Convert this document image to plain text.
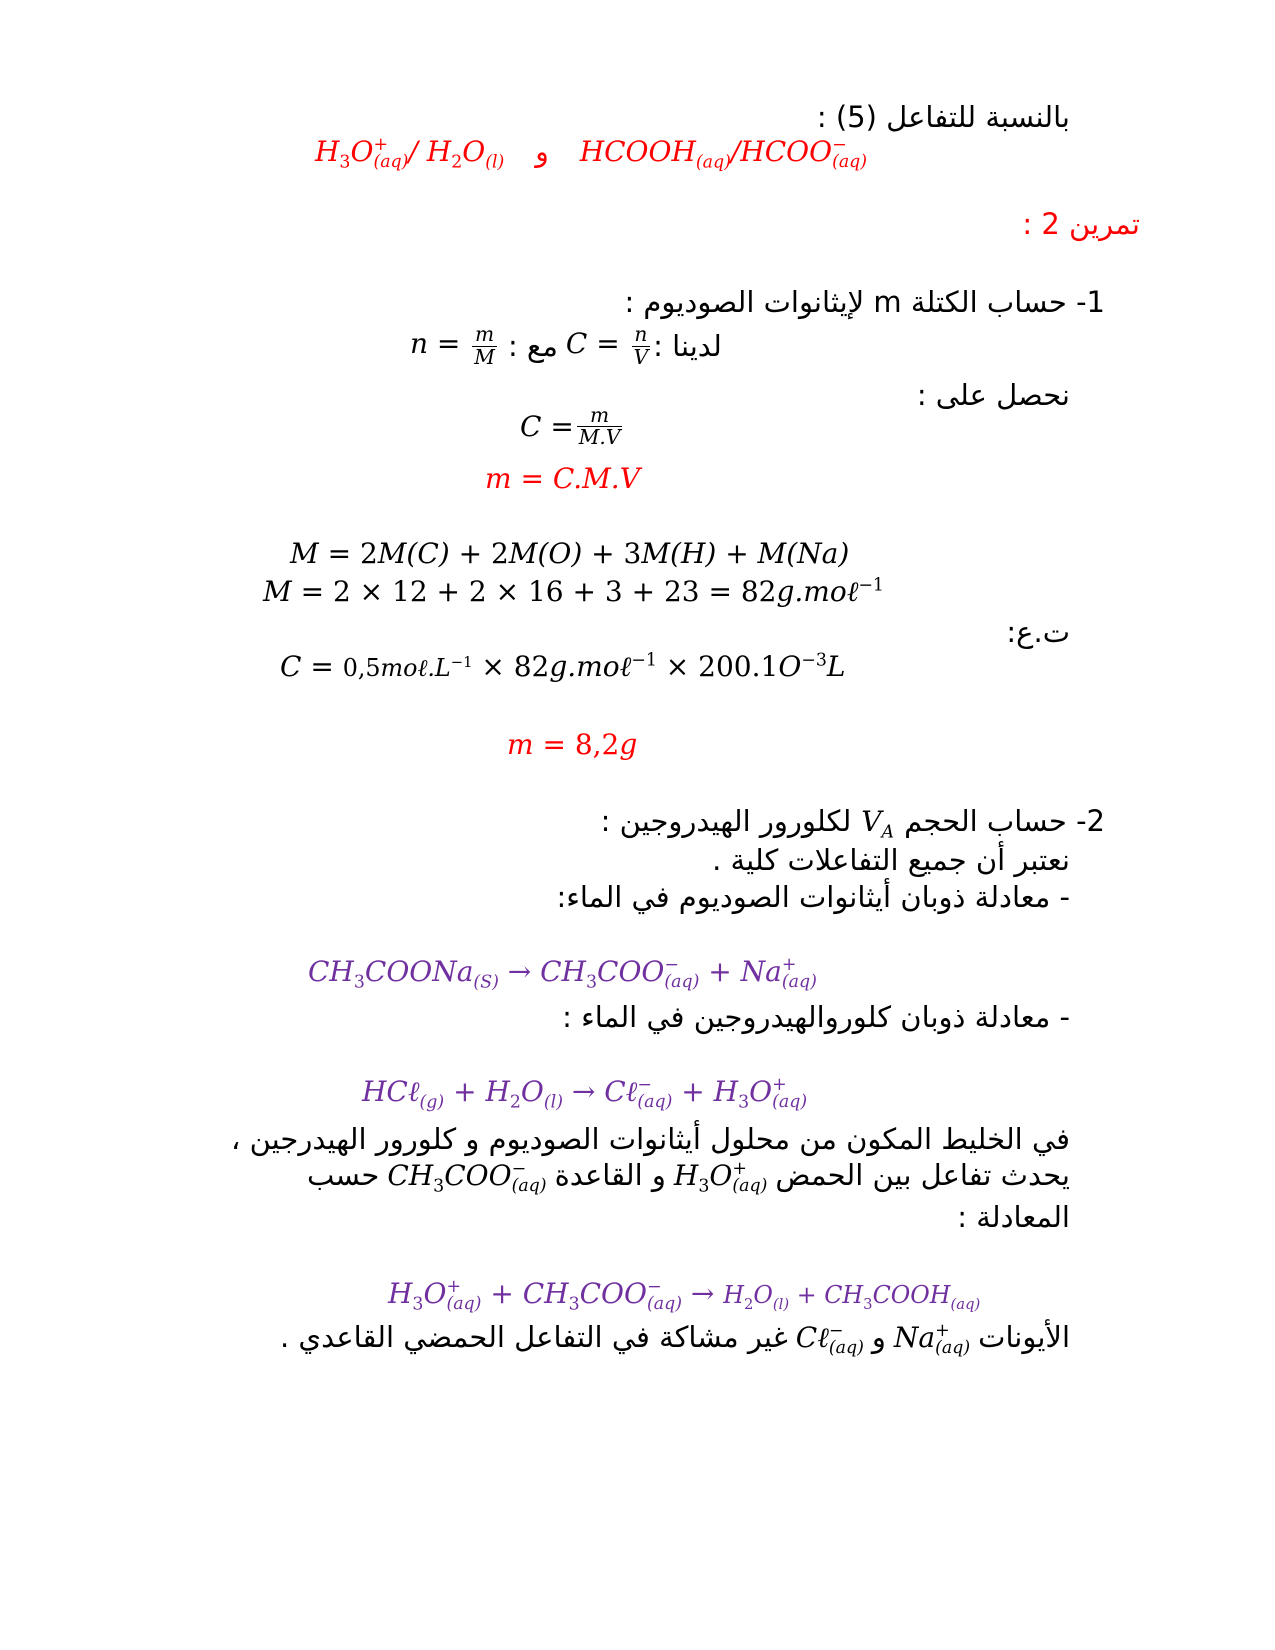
بالنسبة للتفاعل (5) :
$H_3O$ +
$(aq) / H_2O_{(l)}$ و $HCOOH_{(aq)}$/HCOO −
(aq)
تمرين 2 :
1- حساب الكتلة m لإيثانوات الصوديوم :
$n = \frac{m}{M}$ مع : $C = \frac{n}{V}$ لدينا :
نحصل على :
$C = \frac{m}{M.V}$
m = C.M.V
M = 2M(C) + 2M(O) + 3M(H) + M(Na)
M = 2 × 12 + 2 × 16 + 3 + 23 = 82g.moℓ$^{-1}$
ت.ع:
$C = 0,5mo\ell.L^{-1}$ × 82g.moℓ$^{-1}$ × $200.1O^{-3}L$
m = 8,2g
2- حساب الحجم
$V_A$
لكلورور الهيدروجين :
نعتبر أن جميع التفاعلات كلية .
- معادلة ذوبان أيثانوات الصوديوم في الماء:
$CH_3COONa_{(S)} \to CH_3COO$ −
(aq) + Na +
(aq)
- معادلة ذوبان كلوروالهيدروجين في الماء :
HCℓ$_{(g)}$ + $H_2O_{(l)}$ → Cℓ −
$(aq) + H_3O$ +
(aq)
في الخليط المكون من محلول أيثانوات الصوديوم و كلورور الهيدرجين ،
يحدث تفاعل بين الحمض
$H_3O$ +
(aq)
و القاعدة
$CH_3COO$ −
(aq)
حسب
المعادلة :
$H_3O$ +
$(aq) + CH_3COO$ −
$(aq) \to H_2O_{(l)}$ + $CH_3COOH_{(aq)}$
الأيونات
Na +
(aq)
و
Cℓ −
(aq)
غير مشاكة في التفاعل الحمضي القاعدي .
